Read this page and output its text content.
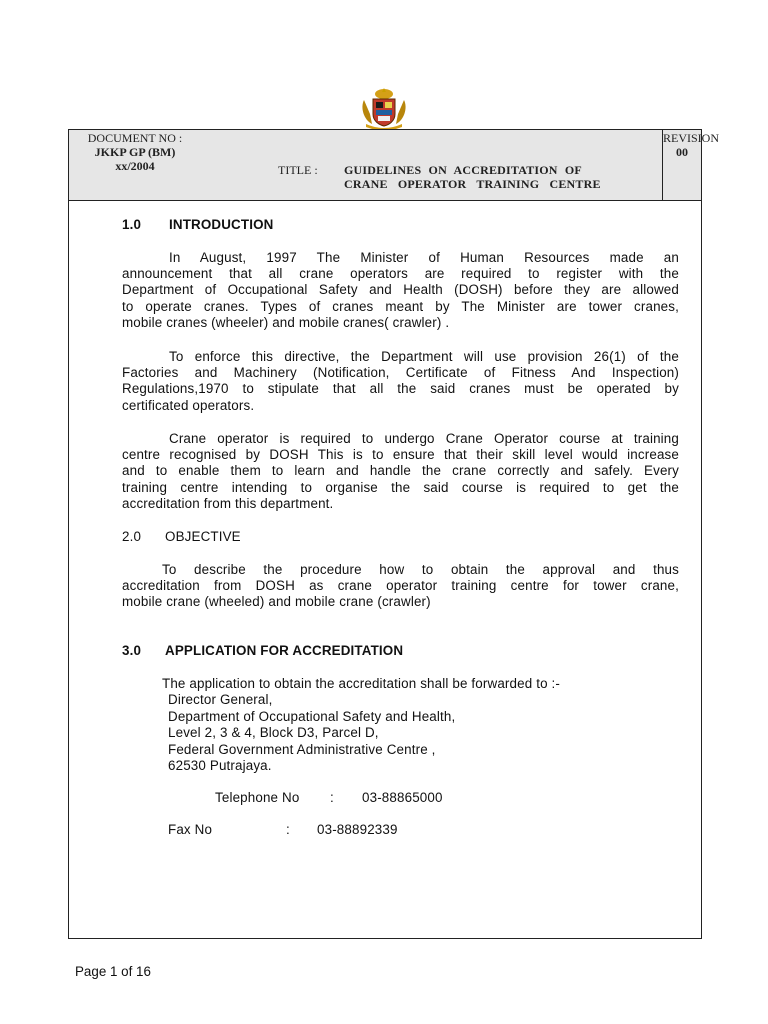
DOCUMENT NO :
JKKP GP (BM)
xx/2004	TITLE : GUIDELINES ON ACCREDITATION OF
CRANE OPERATOR TRAINING CENTRE
REVISION
00
1.0 INTRODUCTION
In August, 1997 The Minister of Human Resources made an
announcement that all crane operators are required to register with the
Department of Occupational Safety and Health (DOSH) before they are allowed
to operate cranes. Types of cranes meant by The Minister are tower cranes,
mobile cranes (wheeler) and mobile cranes( crawler) .
To enforce this directive, the Department will use provision 26(1) of the
Factories and Machinery (Notification, Certificate of Fitness And Inspection)
Regulations,1970 to stipulate that all the said cranes must be operated by
certificated operators.
Crane operator is required to undergo Crane Operator course at training
centre recognised by DOSH This is to ensure that their skill level would increase
and to enable them to learn and handle the crane correctly and safely. Every
training centre intending to organise the said course is required to get the
accreditation from this department.
2.0 OBJECTIVE
To describe the procedure how to obtain the approval and thus
accreditation from DOSH as crane operator training centre for tower crane,
mobile crane (wheeled) and mobile crane (crawler)
3.0 APPLICATION FOR ACCREDITATION
The application to obtain the accreditation shall be forwarded to :-
Director General,
Department of Occupational Safety and Health,
Level 2, 3 & 4, Block D3, Parcel D,
Federal Government Administrative Centre ,
62530 Putrajaya.
Telephone No : 03-88865000
Fax No	: 03-88892339
Page 1 of 16
